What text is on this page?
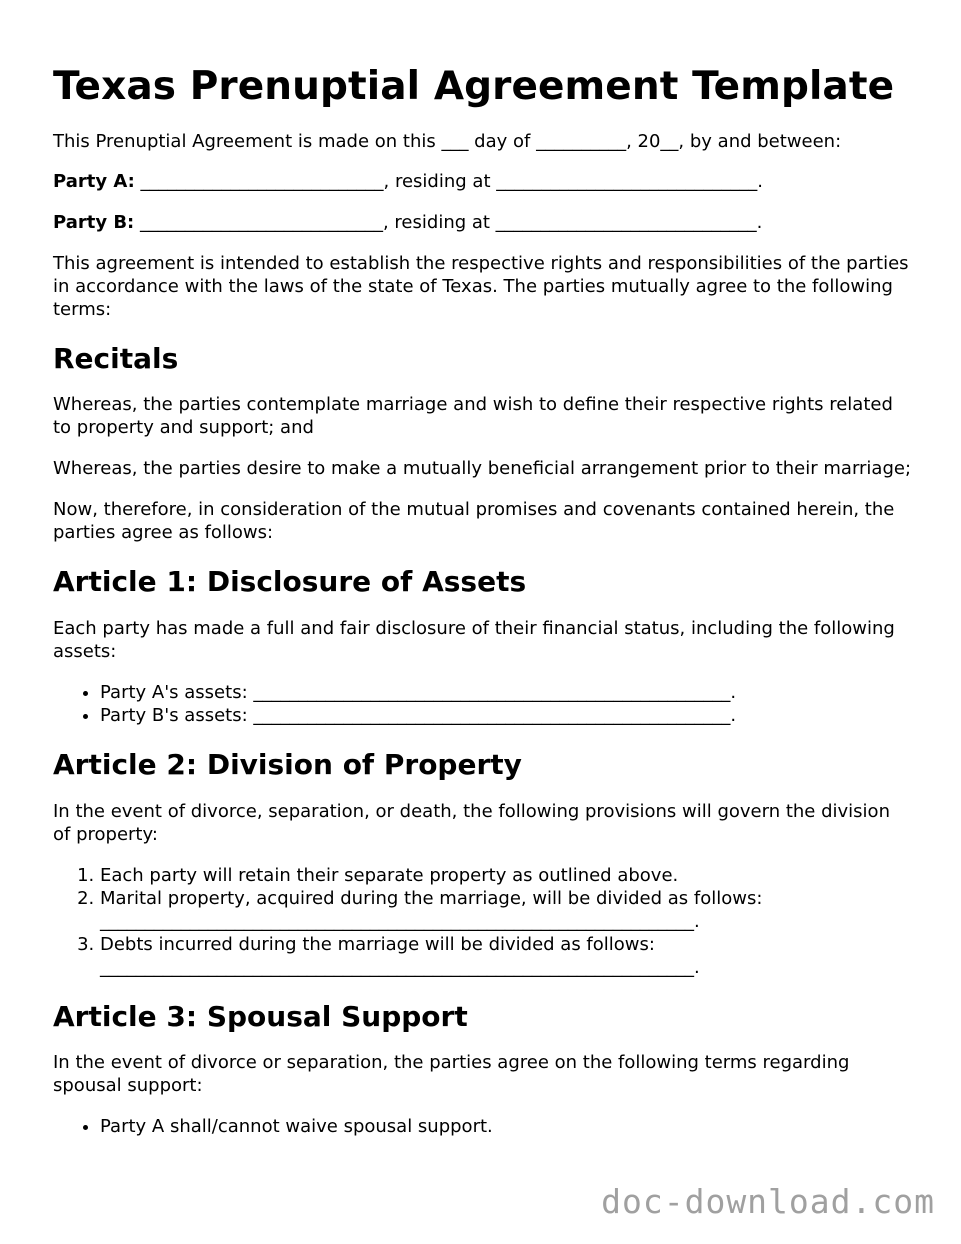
Texas Prenuptial Agreement Template

This Prenuptial Agreement is made on this ___ day of __________, 20__, by and between:

Party A: ___________________________, residing at _____________________________.

Party B: ___________________________, residing at _____________________________.

This agreement is intended to establish the respective rights and responsibilities of the parties in accordance with the laws of the state of Texas. The parties mutually agree to the following terms:

Recitals

Whereas, the parties contemplate marriage and wish to define their respective rights related to property and support; and

Whereas, the parties desire to make a mutually beneficial arrangement prior to their marriage;

Now, therefore, in consideration of the mutual promises and covenants contained herein, the parties agree as follows:

Article 1: Disclosure of Assets

Each party has made a full and fair disclosure of their financial status, including the following assets:

• Party A's assets: _____________________________________________________.
• Party B's assets: _____________________________________________________.
Article 2: Division of Property

In the event of divorce, separation, or death, the following provisions will govern the division of property:

1. Each party will retain their separate property as outlined above.
2. Marital property, acquired during the marriage, will be divided as follows: __________________________________________________________________.
3. Debts incurred during the marriage will be divided as follows: __________________________________________________________________.
Article 3: Spousal Support

In the event of divorce or separation, the parties agree on the following terms regarding spousal support:

• Party A shall/cannot waive spousal support.
doc-download.com
